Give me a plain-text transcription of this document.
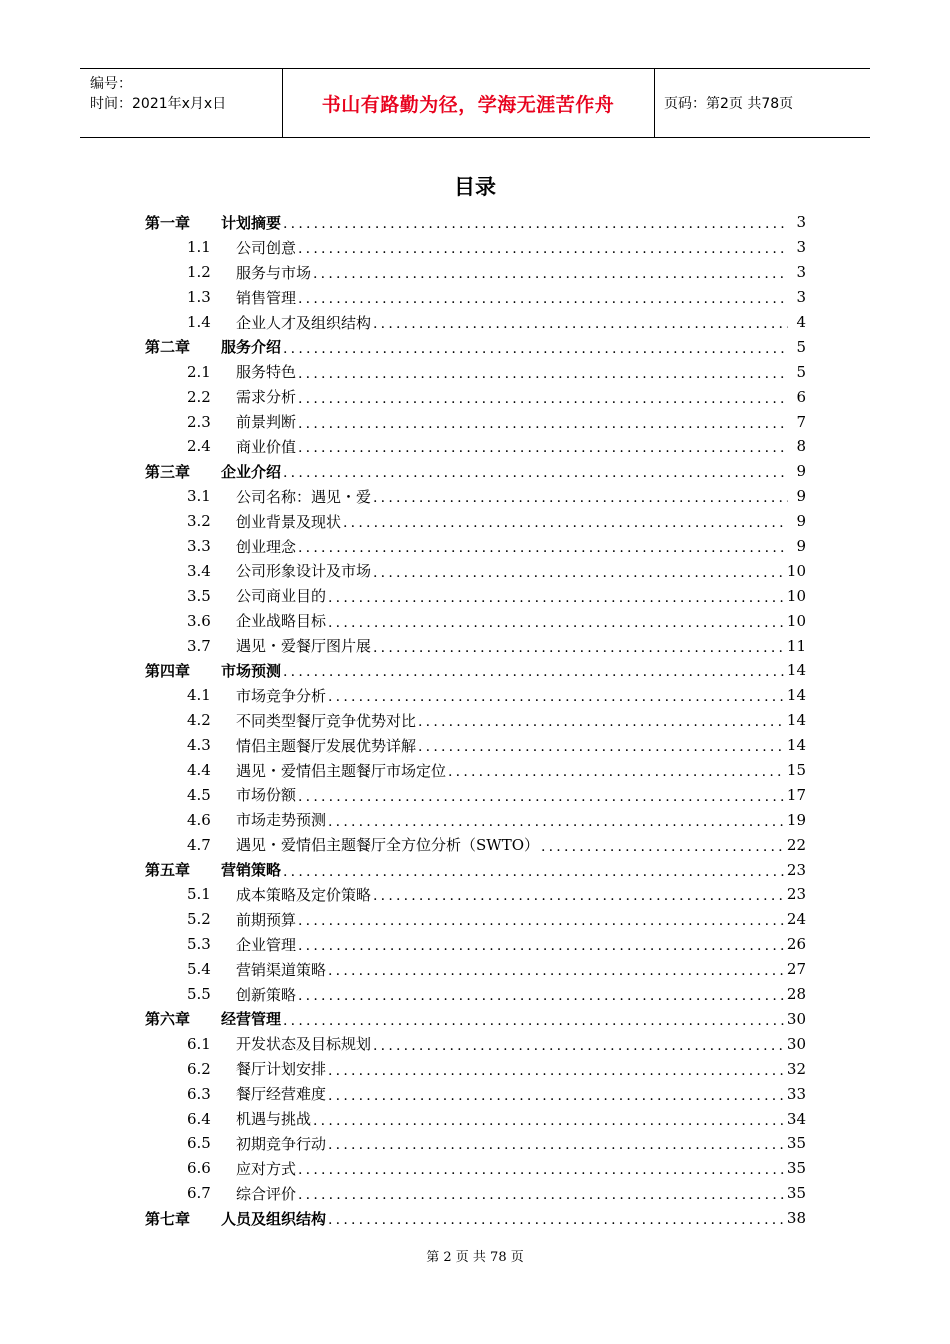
编号：
时间：2021年x月x日	书山有路勤为径，学海无涯苦作舟	页码：第2页 共78页
目录
第一章	计划摘要 .....	3
1.1	公司创意 .....	3
1.2	服务与市场 .....	3
1.3	销售管理 .....	3
1.4	企业人才及组织结构 .....	4
第二章	服务介绍 .....	5
2.1	服务特色 .....	5
2.2	需求分析 .....	6
2.3	前景判断 .....	7
2.4	商业价值 .....	8
第三章	企业介绍 .....	9
3.1	公司名称：遇见・爱 .....	9
3.2	创业背景及现状 .....	9
3.3	创业理念 .....	9
3.4	公司形象设计及市场 .....	10
3.5	公司商业目的 .....	10
3.6	企业战略目标 .....	10
3.7	遇见・爱餐厅图片展 .....	11
第四章	市场预测 .....	14
4.1	市场竞争分析 .....	14
4.2	不同类型餐厅竞争优势对比 .....	14
4.3	情侣主题餐厅发展优势详解 .....	14
4.4	遇见・爱情侣主题餐厅市场定位 .....	15
4.5	市场份额 .....	17
4.6	市场走势预测 .....	19
4.7	遇见・爱情侣主题餐厅全方位分析（SWTO） .....	22
第五章	营销策略 .....	23
5.1	成本策略及定价策略 .....	23
5.2	前期预算 .....	24
5.3	企业管理 .....	26
5.4	营销渠道策略 .....	27
5.5	创新策略 .....	28
第六章	经营管理 .....	30
6.1	开发状态及目标规划 .....	30
6.2	餐厅计划安排 .....	32
6.3	餐厅经营难度 .....	33
6.4	机遇与挑战 .....	34
6.5	初期竞争行动 .....	35
6.6	应对方式 .....	35
6.7	综合评价 .....	35
第七章	人员及组织结构 .....	38
第 2 页 共 78 页
